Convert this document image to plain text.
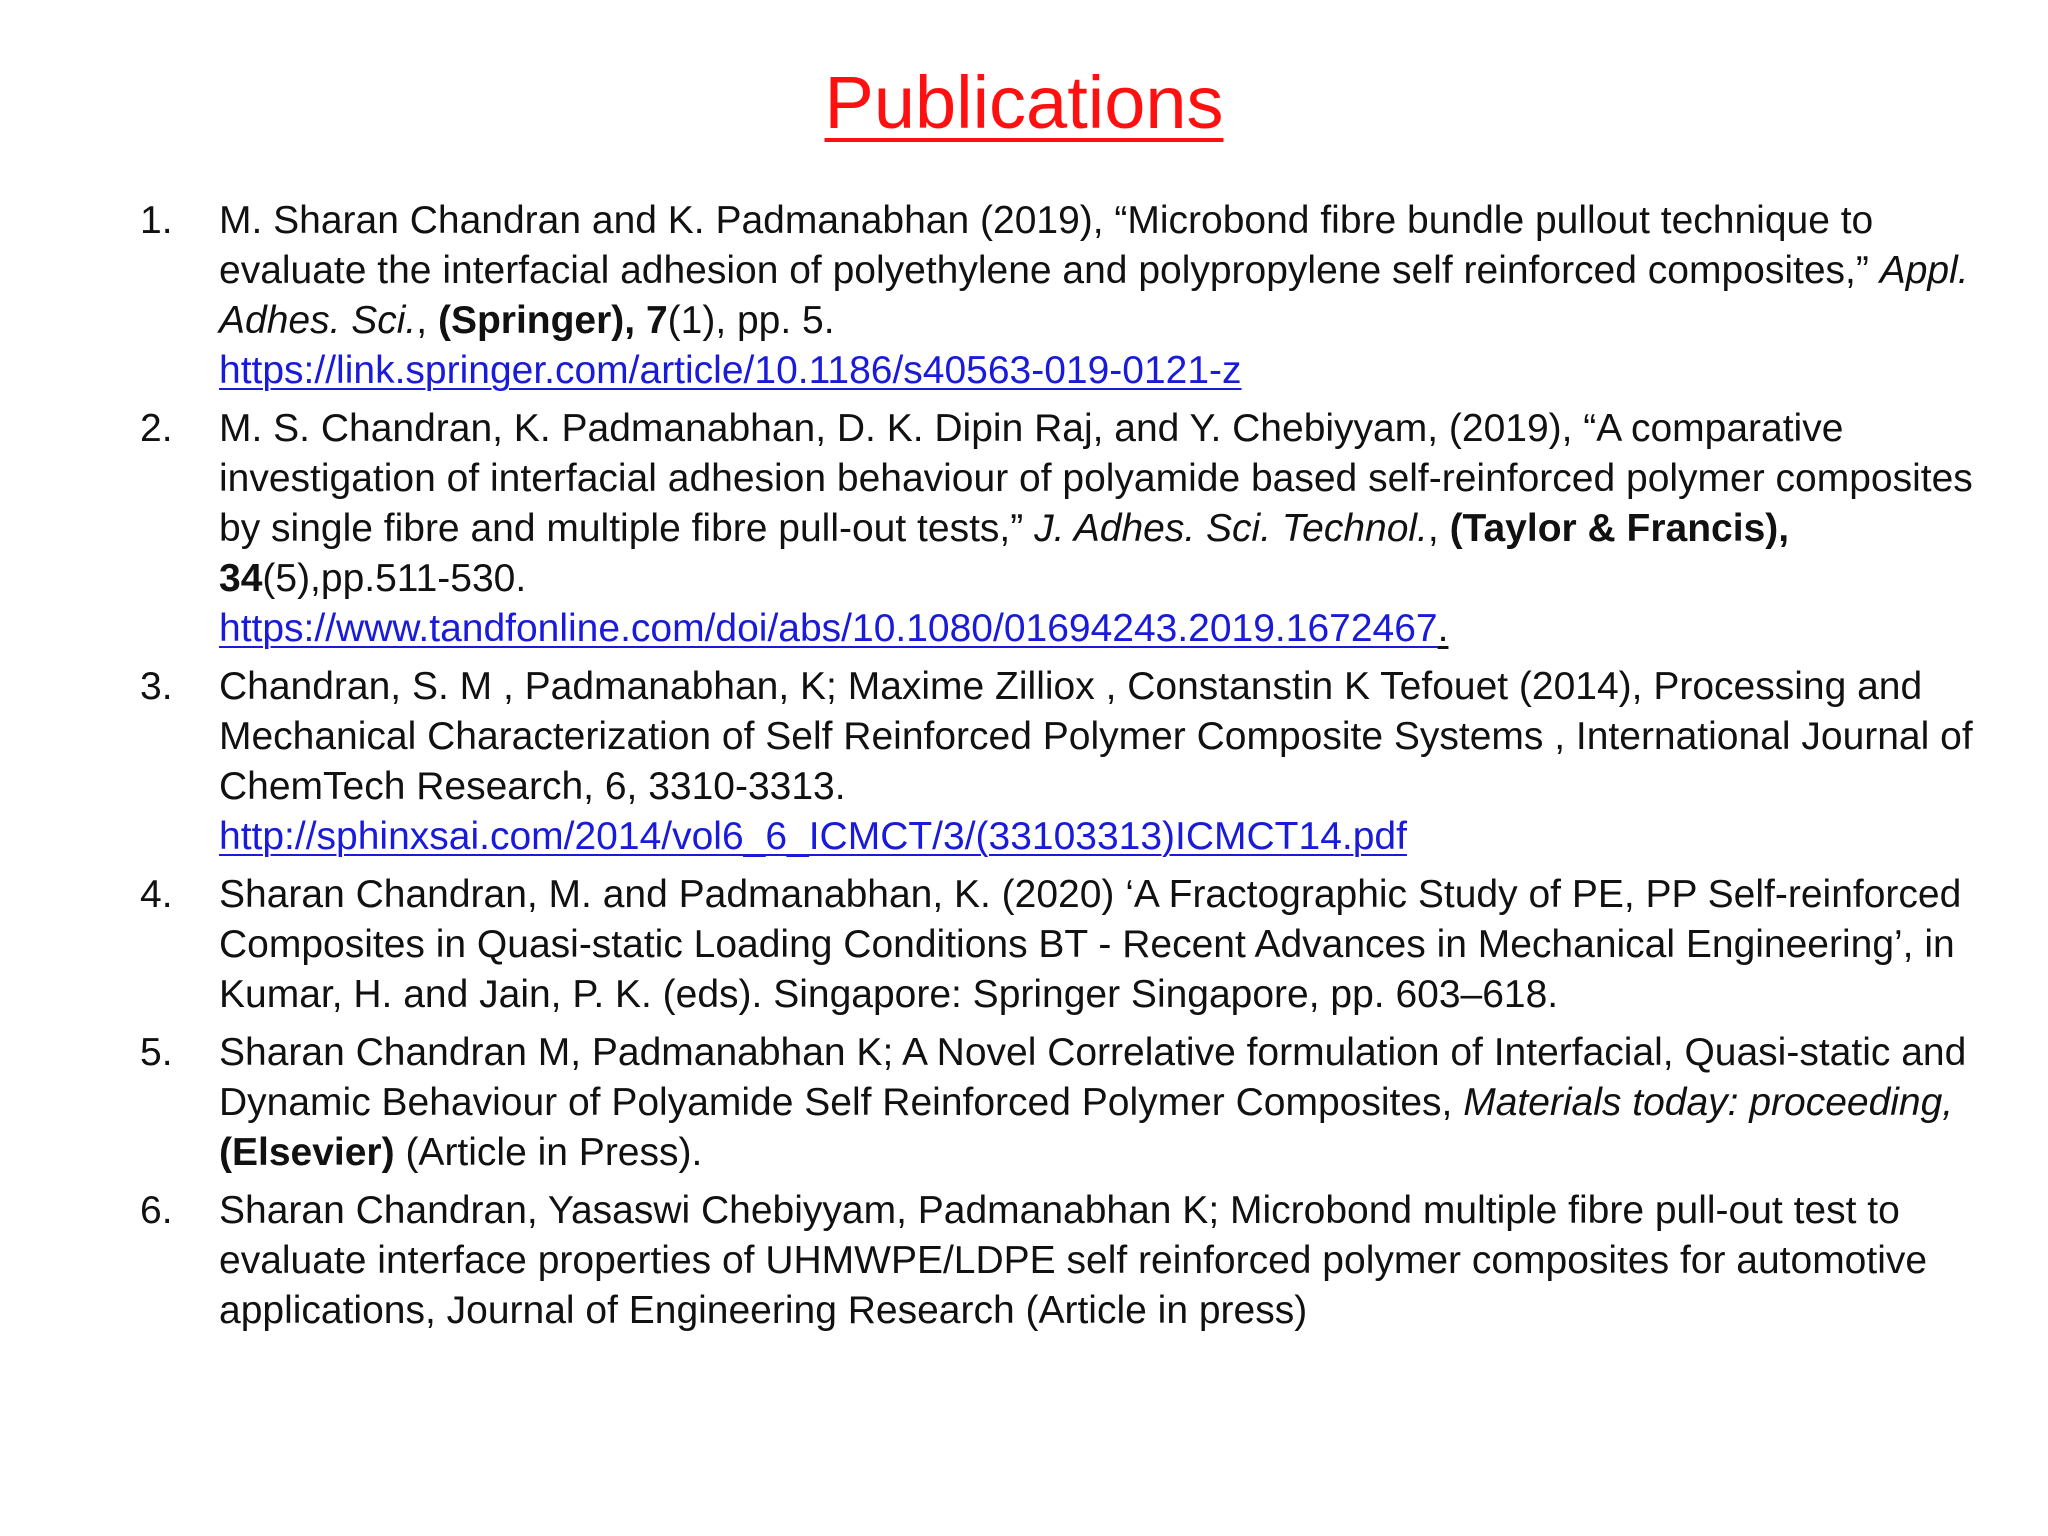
Publications
1. M. Sharan Chandran and K. Padmanabhan (2019), “Microbond fibre bundle pullout technique to evaluate the interfacial adhesion of polyethylene and polypropylene self reinforced composites,” Appl. Adhes. Sci., (Springer), 7(1), pp. 5.
https://link.springer.com/article/10.1186/s40563-019-0121-z
2. M. S. Chandran, K. Padmanabhan, D. K. Dipin Raj, and Y. Chebiyyam, (2019), “A comparative investigation of interfacial adhesion behaviour of polyamide based self-reinforced polymer composites by single fibre and multiple fibre pull-out tests,” J. Adhes. Sci. Technol., (Taylor & Francis), 34(5),pp.511-530.
https://www.tandfonline.com/doi/abs/10.1080/01694243.2019.1672467.
3. Chandran, S. M , Padmanabhan, K; Maxime Zilliox , Constanstin K Tefouet (2014), Processing and Mechanical Characterization of Self Reinforced Polymer Composite Systems , International Journal of ChemTech Research, 6, 3310-3313.
http://sphinxsai.com/2014/vol6_6_ICMCT/3/(33103313)ICMCT14.pdf
4. Sharan Chandran, M. and Padmanabhan, K. (2020) ‘A Fractographic Study of PE, PP Self-reinforced Composites in Quasi-static Loading Conditions BT - Recent Advances in Mechanical Engineering’, in Kumar, H. and Jain, P. K. (eds). Singapore: Springer Singapore, pp. 603–618.
5. Sharan Chandran M, Padmanabhan K; A Novel Correlative formulation of Interfacial, Quasi-static and Dynamic Behaviour of Polyamide Self Reinforced Polymer Composites, Materials today: proceeding, (Elsevier) (Article in Press).
6. Sharan Chandran, Yasaswi Chebiyyam, Padmanabhan K; Microbond multiple fibre pull-out test to evaluate interface properties of UHMWPE/LDPE self reinforced polymer composites for automotive applications, Journal of Engineering Research (Article in press)
